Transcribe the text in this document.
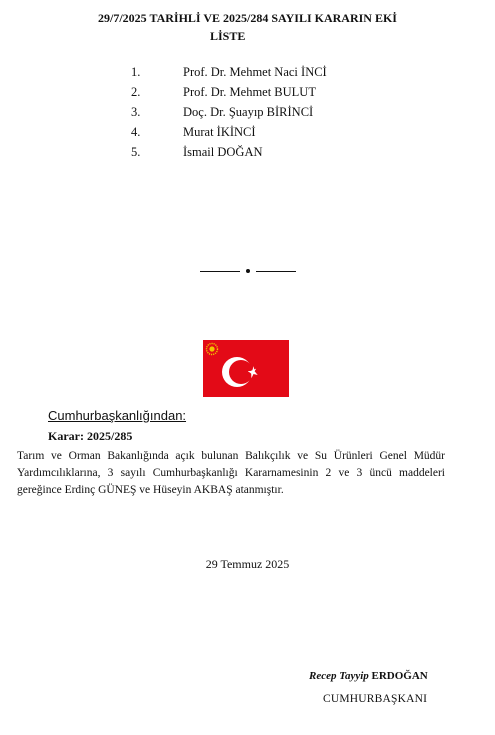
29/7/2025 TARİHLİ VE 2025/284 SAYILI KARARIN EKİ
LİSTE
1.	Prof. Dr. Mehmet Naci İNCİ
2.	Prof. Dr. Mehmet BULUT
3.	Doç. Dr. Şuayıp BİRİNCİ
4.	Murat İKİNCİ
5.	İsmail DOĞAN
Cumhurbaşkanlığından:
Karar: 2025/285
Tarım ve Orman Bakanlığında açık bulunan Balıkçılık ve Su Ürünleri Genel Müdür Yardımcılıklarına, 3 sayılı Cumhurbaşkanlığı Kararnamesinin 2 ve 3 üncü maddeleri gereğince Erdinç GÜNEŞ ve Hüseyin AKBAŞ atanmıştır.
29 Temmuz 2025
Recep Tayyip ERDOĞAN
CUMHURBAŞKANI
